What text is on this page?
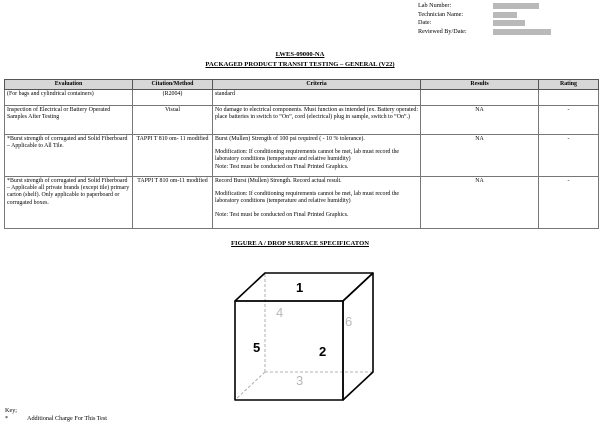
Lab Number:
Technician Name:
Date:
Reviewed By/Date:
LWES-09000-NA
PACKAGED PRODUCT TRANSIT TESTING – GENERAL (V22)
Evaluation	Citation/Method	Criteria	Results	Rating
(For bags and cylindrical containers)	(R2004)	standard		

Inspection of Electrical or Battery Operated Samples After Testing	Visual	No damage to electrical components. Must function as intended (ex. Battery operated: place batteries in switch to “On”, cord (electrical) plug in sample, switch to “On”.)	NA	-
*Burst strength of corrugated and Solid Fiberboard – Applicable to All Tile.	TAPPI T 810 om- 11 modified	Burst (Mullen) Strength of 100 psi required ( - 10 % tolerance).
Modification: If conditioning requirements cannot be met, lab must record the laboratory conditions (temperature and relative humidity)
Note: Test must be conducted on Final Printed Graphics.	NA	-
*Burst strength of corrugated and Solid Fiberboard – Applicable all private brands (except tile) primary carton (shelf). Only applicable to paperboard or corrugated boxes.	TAPPI T 810 om-11 modified	Record Burst (Mullen) Strength. Record actual result.
Modification: If conditioning requirements cannot be met, lab must record the laboratory conditions (temperature and relative humidity)
Note: Test must be conducted on Final Printed Graphics.	NA	-
FIGURE A / DROP SURFACE SPECIFICATON
1
2
3
4
5
6
Key;
*	Additional Charge For This Test
